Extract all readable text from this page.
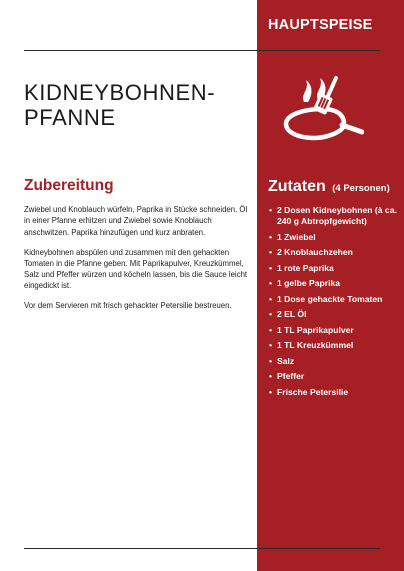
HAUPTSPEISE
Zutaten (4 Personen)
• 2 Dosen Kidneybohnen (à ca. 240 g Abtropfgewicht)
• 1 Zwiebel
• 2 Knoblauchzehen
• 1 rote Paprika
• 1 gelbe Paprika
• 1 Dose gehackte Tomaten
• 2 EL Öl
• 1 TL Paprikapulver
• 1 TL Kreuzkümmel
• Salz
• Pfeffer
• Frische Petersilie
KIDNEYBOHNEN-
PFANNE
Zubereitung

Zwiebel und Knoblauch würfeln, Paprika in Stücke schneiden. Öl in einer Pfanne erhitzen und Zwiebel sowie Knoblauch anschwitzen. Paprika hinzufügen und kurz anbraten.

Kidneybohnen abspülen und zusammen mit den gehackten Tomaten in die Pfanne geben. Mit Paprikapulver, Kreuzkümmel, Salz und Pfeffer würzen und köcheln lassen, bis die Sauce leicht eingedickt ist.

Vor dem Servieren mit frisch gehackter Petersilie bestreuen.
